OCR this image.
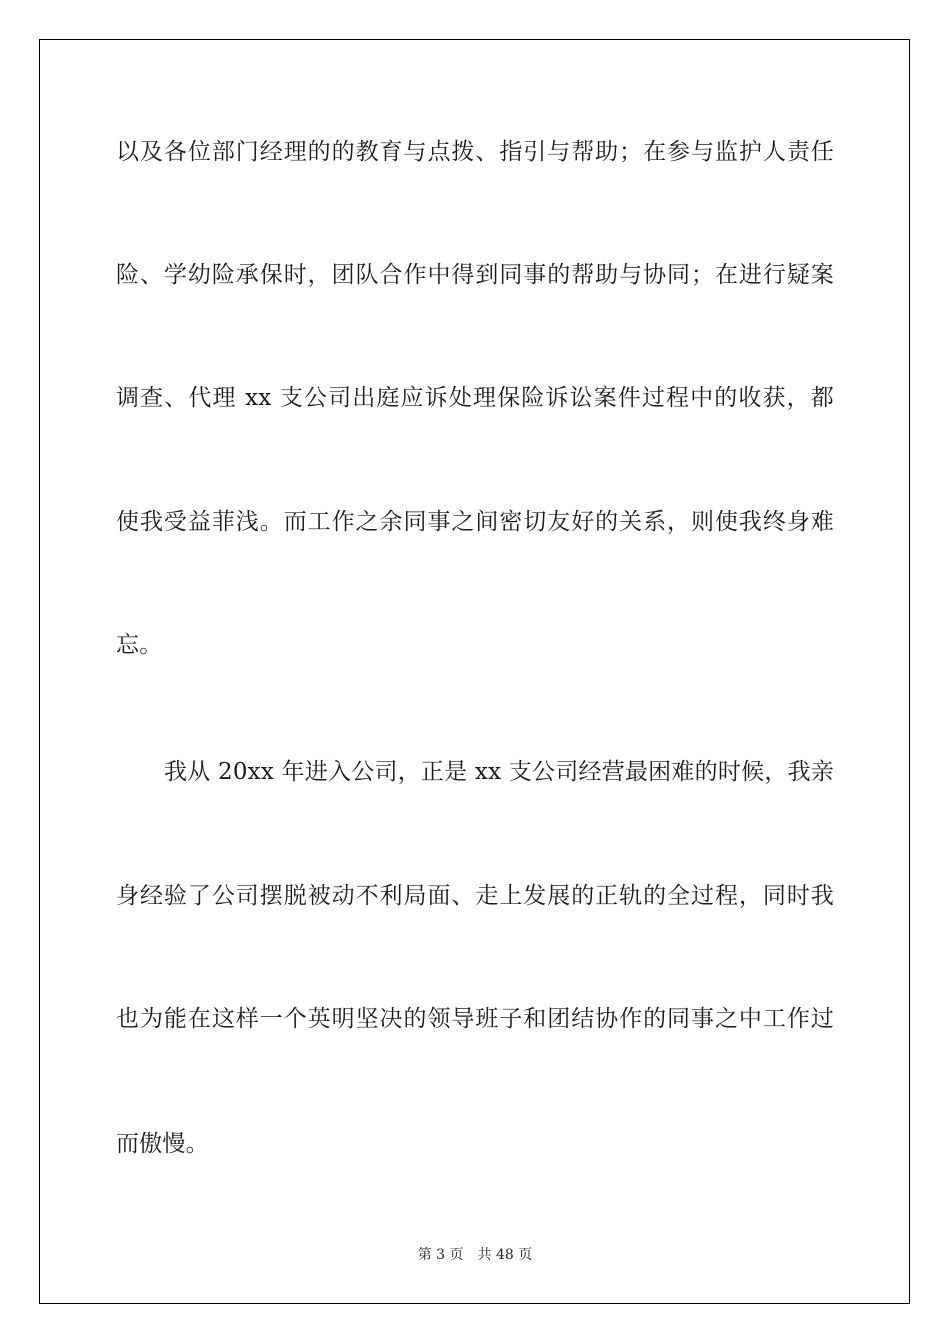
以及各位部门经理的的教育与点拨、指引与帮助；在参与监护人责任
险、学幼险承保时，团队合作中得到同事的帮助与协同；在进行疑案
调查、代理 xx 支公司出庭应诉处理保险诉讼案件过程中的收获，都
使我受益菲浅。而工作之余同事之间密切友好的关系，则使我终身难
忘。
我从 20xx 年进入公司，正是 xx 支公司经营最困难的时候，我亲
身经验了公司摆脱被动不利局面、走上发展的正轨的全过程，同时我
也为能在这样一个英明坚决的领导班子和团结协作的同事之中工作过
而傲慢。
第 3 页 共 48 页
